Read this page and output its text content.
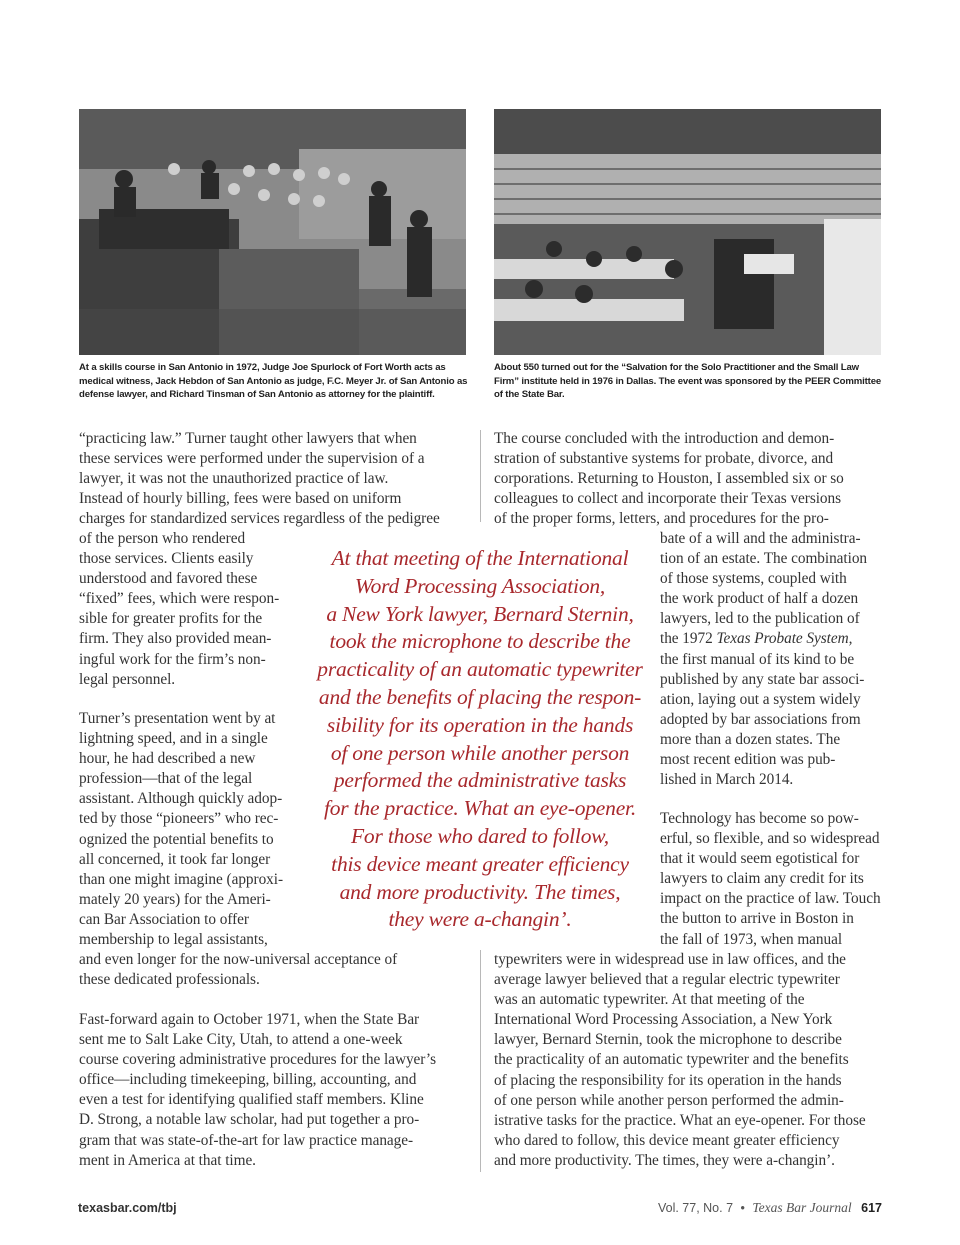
At a skills course in San Antonio in 1972, Judge Joe Spurlock of Fort Worth acts as medical witness, Jack Hebdon of San Antonio as judge, F.C. Meyer Jr. of San Antonio as defense lawyer, and Richard Tinsman of San Antonio as attorney for the plaintiff.

About 550 turned out for the “Salvation for the Solo Practitioner and the Small Law Firm” institute held in 1976 in Dallas. The event was sponsored by the PEER Committee of the State Bar.

“practicing law.” Turner taught other lawyers that when

these services were performed under the supervision of a

lawyer, it was not the unauthorized practice of law.

Instead of hourly billing, fees were based on uniform

charges for standardized services regardless of the pedigree

of the person who rendered

those services. Clients easily

understood and favored these

“fixed” fees, which were respon-

sible for greater profits for the

firm. They also provided mean-

ingful work for the firm’s non-

legal personnel.

Turner’s presentation went by at

lightning speed, and in a single

hour, he had described a new

profession—that of the legal

assistant. Although quickly adop-

ted by those “pioneers” who rec-

ognized the potential benefits to

all concerned, it took far longer

than one might imagine (approxi-

mately 20 years) for the Ameri-

can Bar Association to offer

membership to legal assistants,

and even longer for the now-universal acceptance of

these dedicated professionals.

Fast-forward again to October 1971, when the State Bar

sent me to Salt Lake City, Utah, to attend a one-week

course covering administrative procedures for the lawyer’s

office—including timekeeping, billing, accounting, and

even a test for identifying qualified staff members. Kline

D. Strong, a notable law scholar, had put together a pro-

gram that was state-of-the-art for law practice manage-

ment in America at that time.

At that meeting of the International
Word Processing Association,
a New York lawyer, Bernard Sternin,
took the microphone to describe the
practicality of an automatic typewriter
and the benefits of placing the respon-
sibility for its operation in the hands
of one person while another person
performed the administrative tasks
for the practice. What an eye-opener.
For those who dared to follow,
this device meant greater efficiency
and more productivity. The times,
they were a-changin’.

The course concluded with the introduction and demon-

stration of substantive systems for probate, divorce, and

corporations. Returning to Houston, I assembled six or so

colleagues to collect and incorporate their Texas versions

of the proper forms, letters, and procedures for the pro-

bate of a will and the administra-

tion of an estate. The combination

of those systems, coupled with

the work product of half a dozen

lawyers, led to the publication of

the 1972 Texas Probate System,

the first manual of its kind to be

published by any state bar associ-

ation, laying out a system widely

adopted by bar associations from

more than a dozen states. The

most recent edition was pub-

lished in March 2014.

Technology has become so pow-

erful, so flexible, and so widespread

that it would seem egotistical for

lawyers to claim any credit for its

impact on the practice of law. Touch

the button to arrive in Boston in

the fall of 1973, when manual

typewriters were in widespread use in law offices, and the

average lawyer believed that a regular electric typewriter

was an automatic typewriter. At that meeting of the

International Word Processing Association, a New York

lawyer, Bernard Sternin, took the microphone to describe

the practicality of an automatic typewriter and the benefits

of placing the responsibility for its operation in the hands

of one person while another person performed the admin-

istrative tasks for the practice. What an eye-opener. For those

who dared to follow, this device meant greater efficiency

and more productivity. The times, they were a-changin’.

texasbar.com/tbj	Vol. 77, No. 7 • Texas Bar Journal 617
